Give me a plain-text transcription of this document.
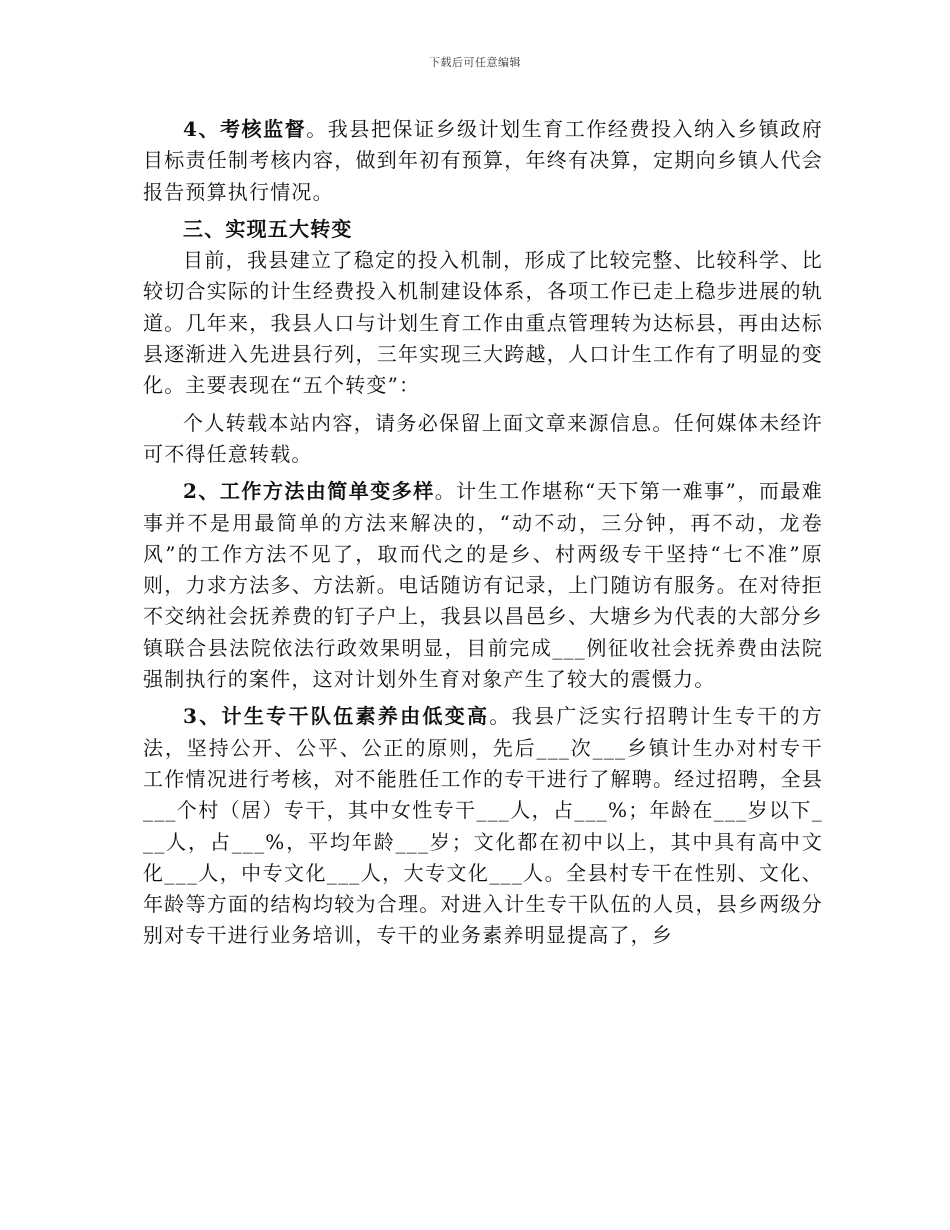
下载后可任意编辑

4、考核监督。我县把保证乡级计划生育工作经费投入纳入乡镇政府目标责任制考核内容，做到年初有预算，年终有决算，定期向乡镇人代会报告预算执行情况。

三、实现五大转变

目前，我县建立了稳定的投入机制，形成了比较完整、比较科学、比较切合实际的计生经费投入机制建设体系，各项工作已走上稳步进展的轨道。几年来，我县人口与计划生育工作由重点管理转为达标县，再由达标县逐渐进入先进县行列，三年实现三大跨越，人口计生工作有了明显的变化。主要表现在“五个转变”：

个人转载本站内容，请务必保留上面文章来源信息。任何媒体未经许可不得任意转载。

2、工作方法由简单变多样。计生工作堪称“天下第一难事”，而最难事并不是用最简单的方法来解决的，“动不动，三分钟，再不动，龙卷风”的工作方法不见了，取而代之的是乡、村两级专干坚持“七不准”原则，力求方法多、方法新。电话随访有记录，上门随访有服务。在对待拒不交纳社会抚养费的钉子户上，我县以昌邑乡、大塘乡为代表的大部分乡镇联合县法院依法行政效果明显，目前完成___例征收社会抚养费由法院强制执行的案件，这对计划外生育对象产生了较大的震慑力。

3、计生专干队伍素养由低变高。我县广泛实行招聘计生专干的方法，坚持公开、公平、公正的原则，先后___次___乡镇计生办对村专干工作情况进行考核，对不能胜任工作的专干进行了解聘。经过招聘，全县___个村（居）专干，其中女性专干___人，占___%；年龄在___岁以下___人，占___%，平均年龄___岁；文化都在初中以上，其中具有高中文化___人，中专文化___人，大专文化___人。全县村专干在性别、文化、年龄等方面的结构均较为合理。对进入计生专干队伍的人员，县乡两级分别对专干进行业务培训，专干的业务素养明显提高了，乡
